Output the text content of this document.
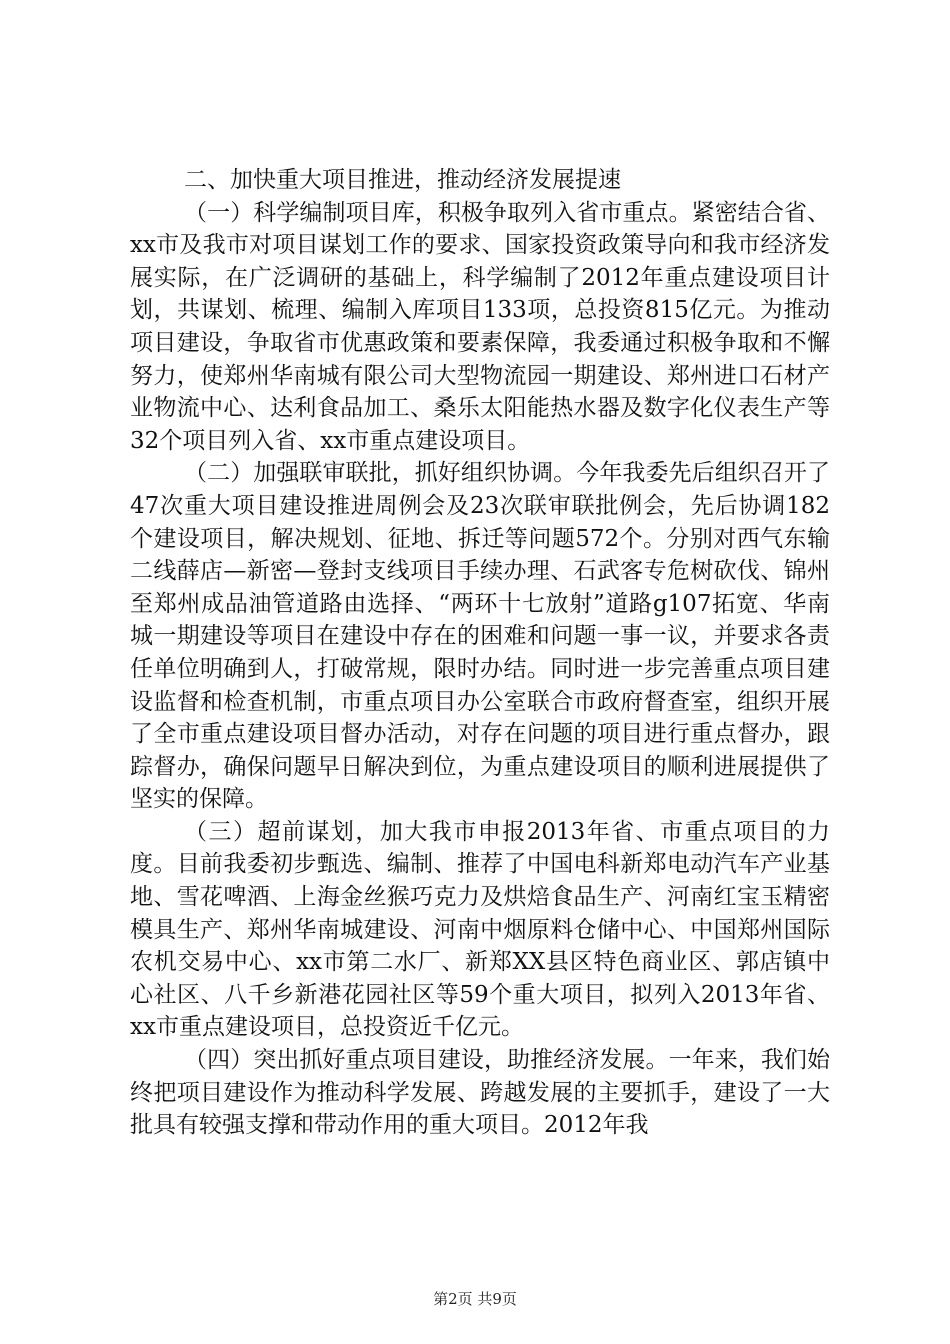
二、加快重大项目推进，推动经济发展提速

（一）科学编制项目库，积极争取列入省市重点。紧密结合省、xx市及我市对项目谋划工作的要求、国家投资政策导向和我市经济发展实际，在广泛调研的基础上，科学编制了2012年重点建设项目计划，共谋划、梳理、编制入库项目133项，总投资815亿元。为推动项目建设，争取省市优惠政策和要素保障，我委通过积极争取和不懈努力，使郑州华南城有限公司大型物流园一期建设、郑州进口石材产业物流中心、达利食品加工、桑乐太阳能热水器及数字化仪表生产等32个项目列入省、xx市重点建设项目。

（二）加强联审联批，抓好组织协调。今年我委先后组织召开了47次重大项目建设推进周例会及23次联审联批例会，先后协调182个建设项目，解决规划、征地、拆迁等问题572个。分别对西气东输二线薛店—新密—登封支线项目手续办理、石武客专危树砍伐、锦州至郑州成品油管道路由选择、“两环十七放射”道路g107拓宽、华南城一期建设等项目在建设中存在的困难和问题一事一议，并要求各责任单位明确到人，打破常规，限时办结。同时进一步完善重点项目建设监督和检查机制，市重点项目办公室联合市政府督查室，组织开展了全市重点建设项目督办活动，对存在问题的项目进行重点督办，跟踪督办，确保问题早日解决到位，为重点建设项目的顺利进展提供了坚实的保障。

（三）超前谋划，加大我市申报2013年省、市重点项目的力度。目前我委初步甄选、编制、推荐了中国电科新郑电动汽车产业基地、雪花啤酒、上海金丝猴巧克力及烘焙食品生产、河南红宝玉精密模具生产、郑州华南城建设、河南中烟原料仓储中心、中国郑州国际农机交易中心、xx市第二水厂、新郑XX县区特色商业区、郭店镇中心社区、八千乡新港花园社区等59个重大项目，拟列入2013年省、xx市重点建设项目，总投资近千亿元。

（四）突出抓好重点项目建设，助推经济发展。一年来，我们始终把项目建设作为推动科学发展、跨越发展的主要抓手，建设了一大批具有较强支撑和带动作用的重大项目。2012年我

第2页 共9页
